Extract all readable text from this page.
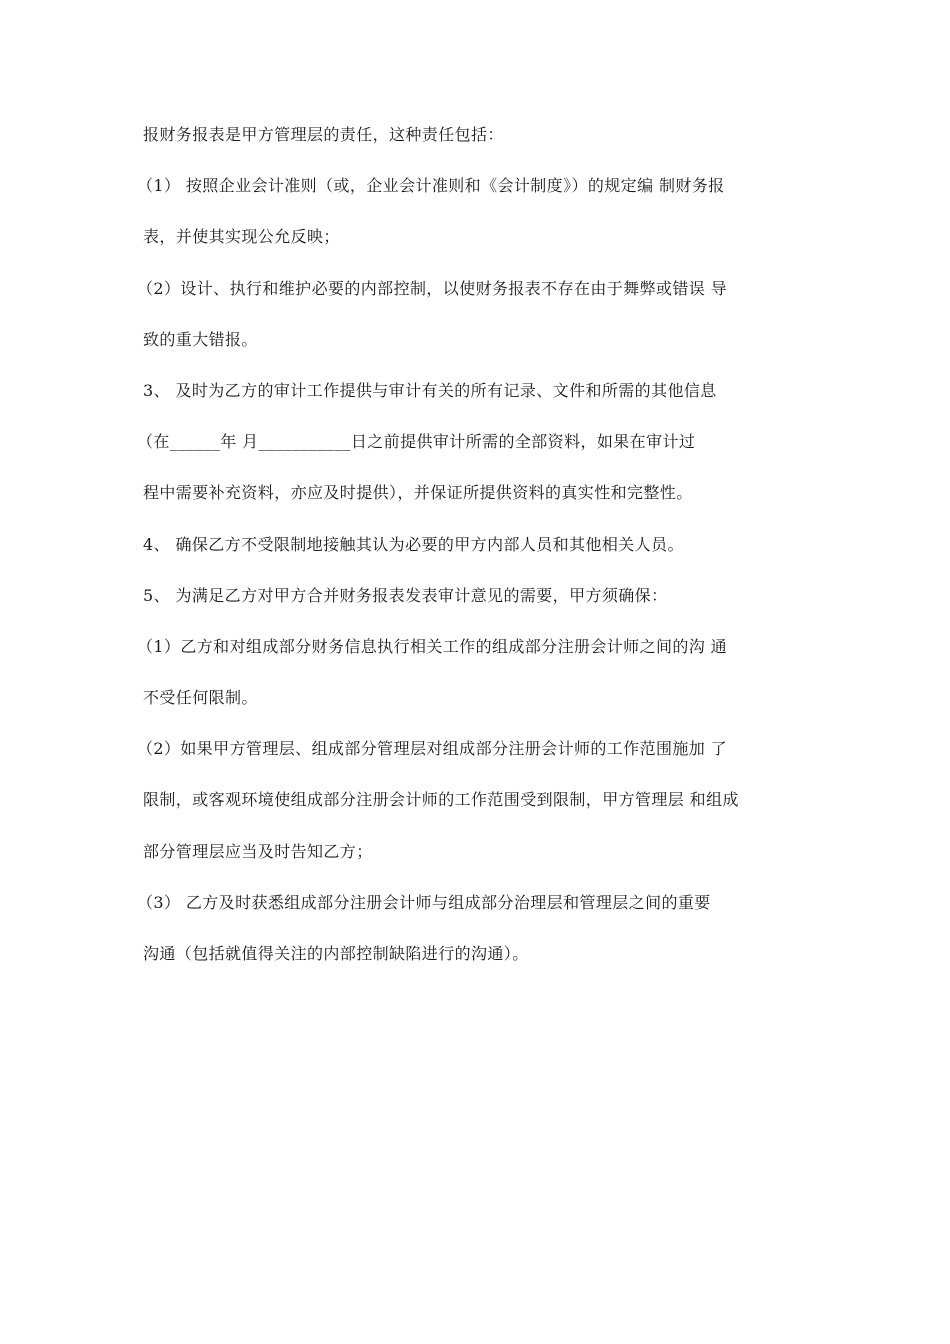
报财务报表是甲方管理层的责任，这种责任包括：
（1） 按照企业会计准则（或，企业会计准则和《会计制度》）的规定编 制财务报
表，并使其实现公允反映；
（2）设计、执行和维护必要的内部控制，以使财务报表不存在由于舞弊或错误 导
致的重大错报。
3、 及时为乙方的审计工作提供与审计有关的所有记录、文件和所需的其他信息
（在______年 月___________日之前提供审计所需的全部资料，如果在审计过
程中需要补充资料，亦应及时提供），并保证所提供资料的真实性和完整性。
4、 确保乙方不受限制地接触其认为必要的甲方内部人员和其他相关人员。
5、 为满足乙方对甲方合并财务报表发表审计意见的需要，甲方须确保：
（1）乙方和对组成部分财务信息执行相关工作的组成部分注册会计师之间的沟 通
不受任何限制。
（2）如果甲方管理层、组成部分管理层对组成部分注册会计师的工作范围施加 了
限制，或客观环境使组成部分注册会计师的工作范围受到限制，甲方管理层 和组成
部分管理层应当及时告知乙方；
（3） 乙方及时获悉组成部分注册会计师与组成部分治理层和管理层之间的重要
沟通（包括就值得关注的内部控制缺陷进行的沟通）。
